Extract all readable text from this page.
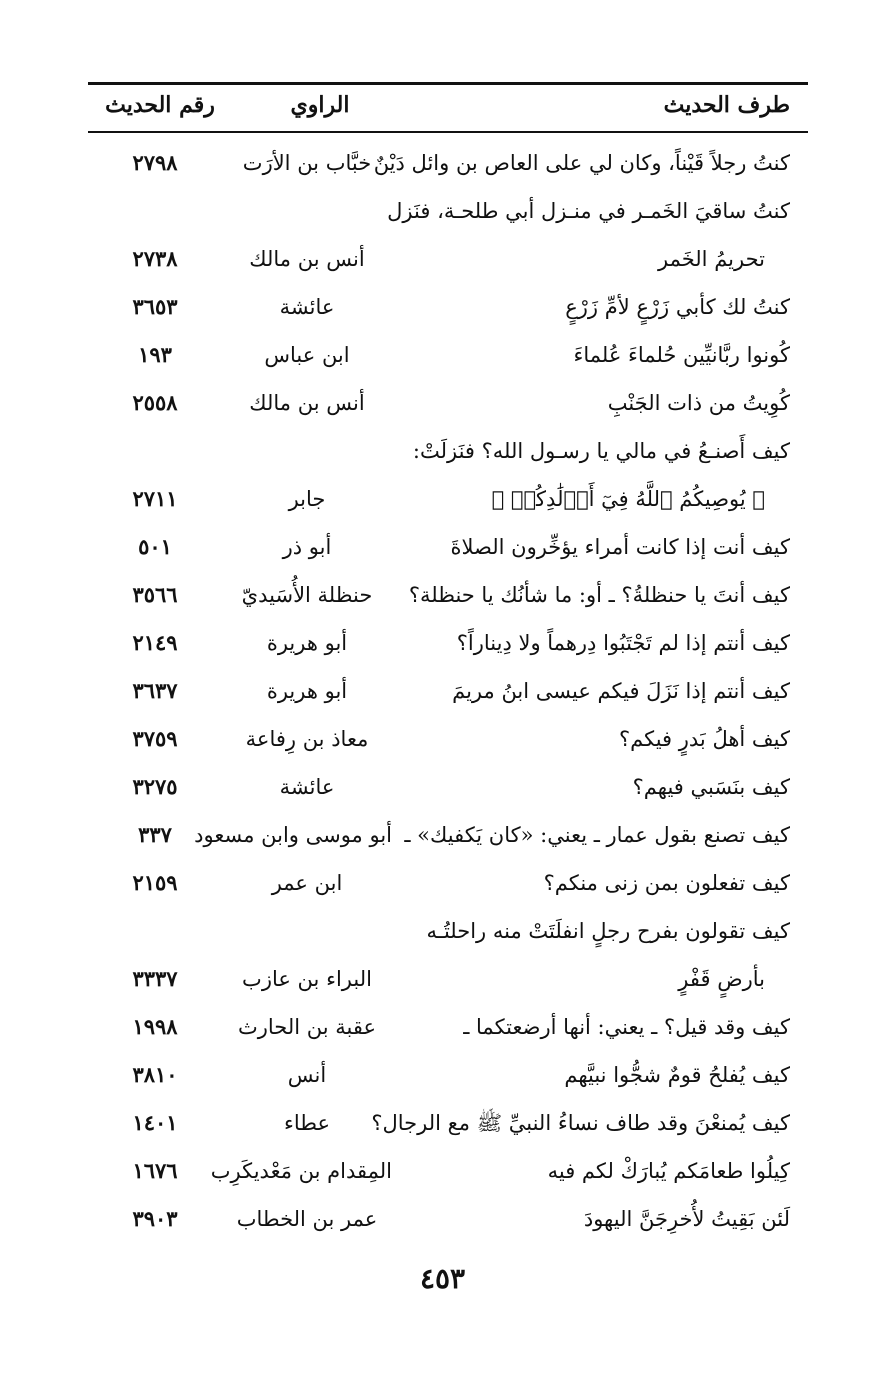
طرف الحديث
الراوي
رقم الحديث
كنتُ رجلاً قَيْناً، وكان لي على العاص بن وائل دَيْنٌ
خبَّاب بن الأرَت
٢٧٩٨
كنتُ ساقيَ الخَمـر في منـزل أبي طلحـة، فنَزل
تحريمُ الخَمر
أنس بن مالك
٢٧٣٨
كنتُ لك كأبي زَرْعٍ لأمِّ زَرْعٍ
عائشة
٣٦٥٣
كُونوا ربَّانيِّين حُلماءَ عُلماءَ
ابن عباس
١٩٣
كُوِيتُ من ذات الجَنْبِ
أنس بن مالك
٢٥٥٨
كيف أَصنـعُ في مالي يا رسـول الله؟ فنَزلَتْ:
﴿ يُوصِيكُمُ ٱللَّهُ فِيٓ أَوۡلَٰدِكُمۡ ﴾
جابر
٢٧١١
كيف أنت إذا كانت أمراء يؤخِّرون الصلاةَ
أبو ذر
٥٠١
كيف أنتَ يا حنظلةُ؟ ـ أو: ما شأنُك يا حنظلة؟
حنظلة الأُسَيديّ
٣٥٦٦
كيف أنتم إذا لم تَجْتَبُوا دِرهماً ولا دِيناراً؟
أبو هريرة
٢١٤٩
كيف أنتم إذا نَزَلَ فيكم عيسى ابنُ مريمَ
أبو هريرة
٣٦٣٧
كيف أهلُ بَدرٍ فيكم؟
معاذ بن رِفاعة
٣٧٥٩
كيف بنَسَبي فيهم؟
عائشة
٣٢٧٥
كيف تصنع بقول عمار ـ يعني: «كان يَكفيك» ـ
أبو موسى وابن مسعود
٣٣٧
كيف تفعلون بمن زنى منكم؟
ابن عمر
٢١٥٩
كيف تقولون بفرح رجلٍ انفلَتَتْ منه راحلتُـه
بأرضٍ قَفْرٍ
البراء بن عازب
٣٣٣٧
كيف وقد قيل؟ ـ يعني: أنها أرضعتكما ـ
عقبة بن الحارث
١٩٩٨
كيف يُفلحُ قومٌ شجُّوا نبيَّهم
أنس
٣٨١٠
كيف يُمنعْنَ وقد طاف نساءُ النبيِّ ﷺ مع الرجال؟
عطاء
١٤٠١
كِيلُوا طعامَكم يُبارَكْ لكم فيه
المِقدام بن مَعْديكَرِب
١٦٧٦
لَئن بَقِيتُ لأُخرِجَنَّ اليهودَ
عمر بن الخطاب
٣٩٠٣
٤٥٣
